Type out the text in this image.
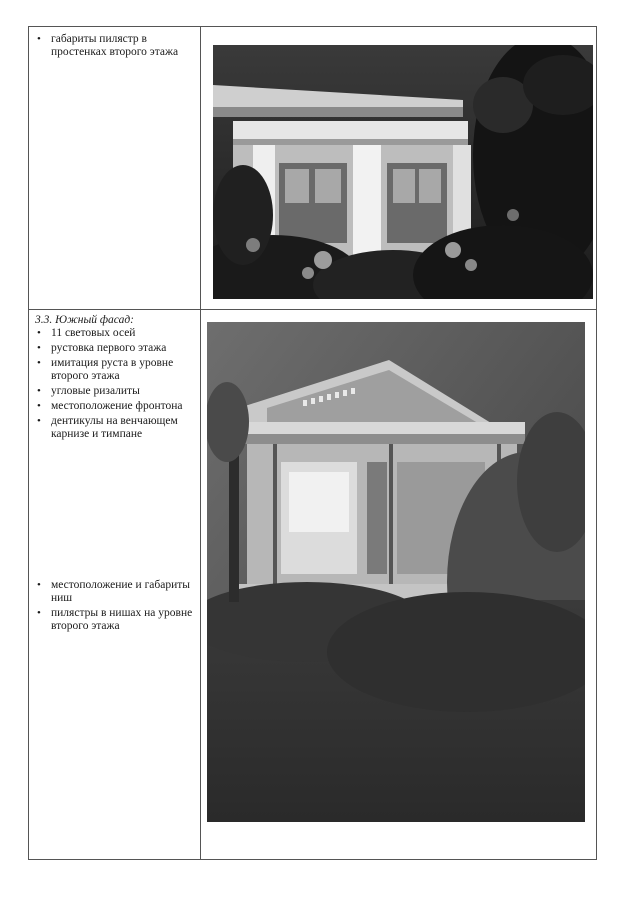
• габариты пилястр в простенках второго этажа

3.3. Южный фасад:

• 11 световых осей
• рустовка первого этажа
• имитация руста в уровне второго этажа
• угловые ризалиты
• местоположение фронтона
• дентикулы на венчающем карнизе и тимпане
• местоположение и габариты ниш
• пилястры в нишах на уровне второго этажа
